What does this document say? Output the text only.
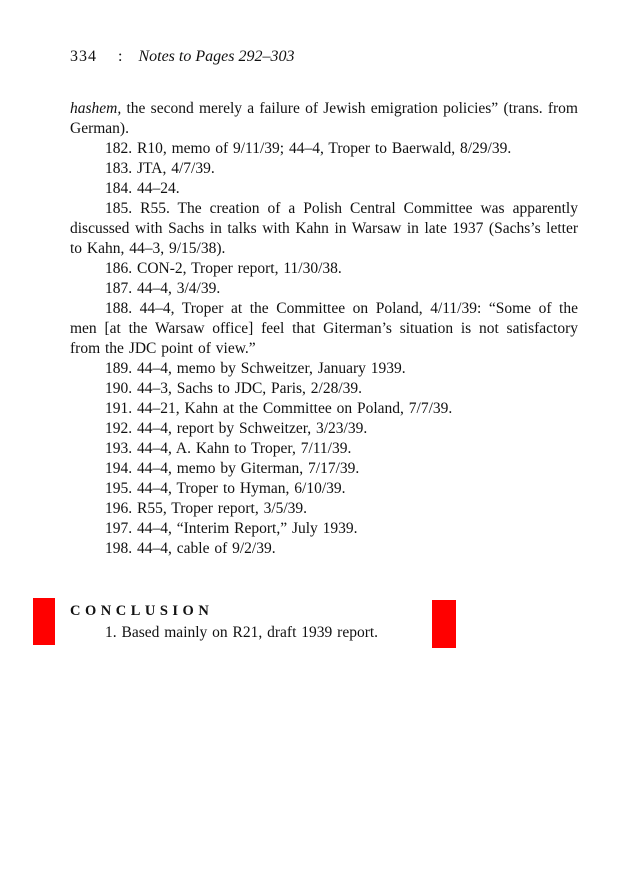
334 : Notes to Pages 292–303

hashem, the second merely a failure of Jewish emigration policies” (trans. from German).

182. R10, memo of 9/11/39; 44–4, Troper to Baerwald, 8/29/39.

183. JTA, 4/7/39.

184. 44–24.

185. R55. The creation of a Polish Central Committee was apparently discussed with Sachs in talks with Kahn in Warsaw in late 1937 (Sachs’s letter to Kahn, 44–3, 9/15/38).

186. CON-2, Troper report, 11/30/38.

187. 44–4, 3/4/39.

188. 44–4, Troper at the Committee on Poland, 4/11/39: “Some of the men [at the Warsaw office] feel that Giterman’s situation is not satisfactory from the JDC point of view.”

189. 44–4, memo by Schweitzer, January 1939.

190. 44–3, Sachs to JDC, Paris, 2/28/39.

191. 44–21, Kahn at the Committee on Poland, 7/7/39.

192. 44–4, report by Schweitzer, 3/23/39.

193. 44–4, A. Kahn to Troper, 7/11/39.

194. 44–4, memo by Giterman, 7/17/39.

195. 44–4, Troper to Hyman, 6/10/39.

196. R55, Troper report, 3/5/39.

197. 44–4, “Interim Report,” July 1939.

198. 44–4, cable of 9/2/39.

CONCLUSION

1. Based mainly on R21, draft 1939 report.
